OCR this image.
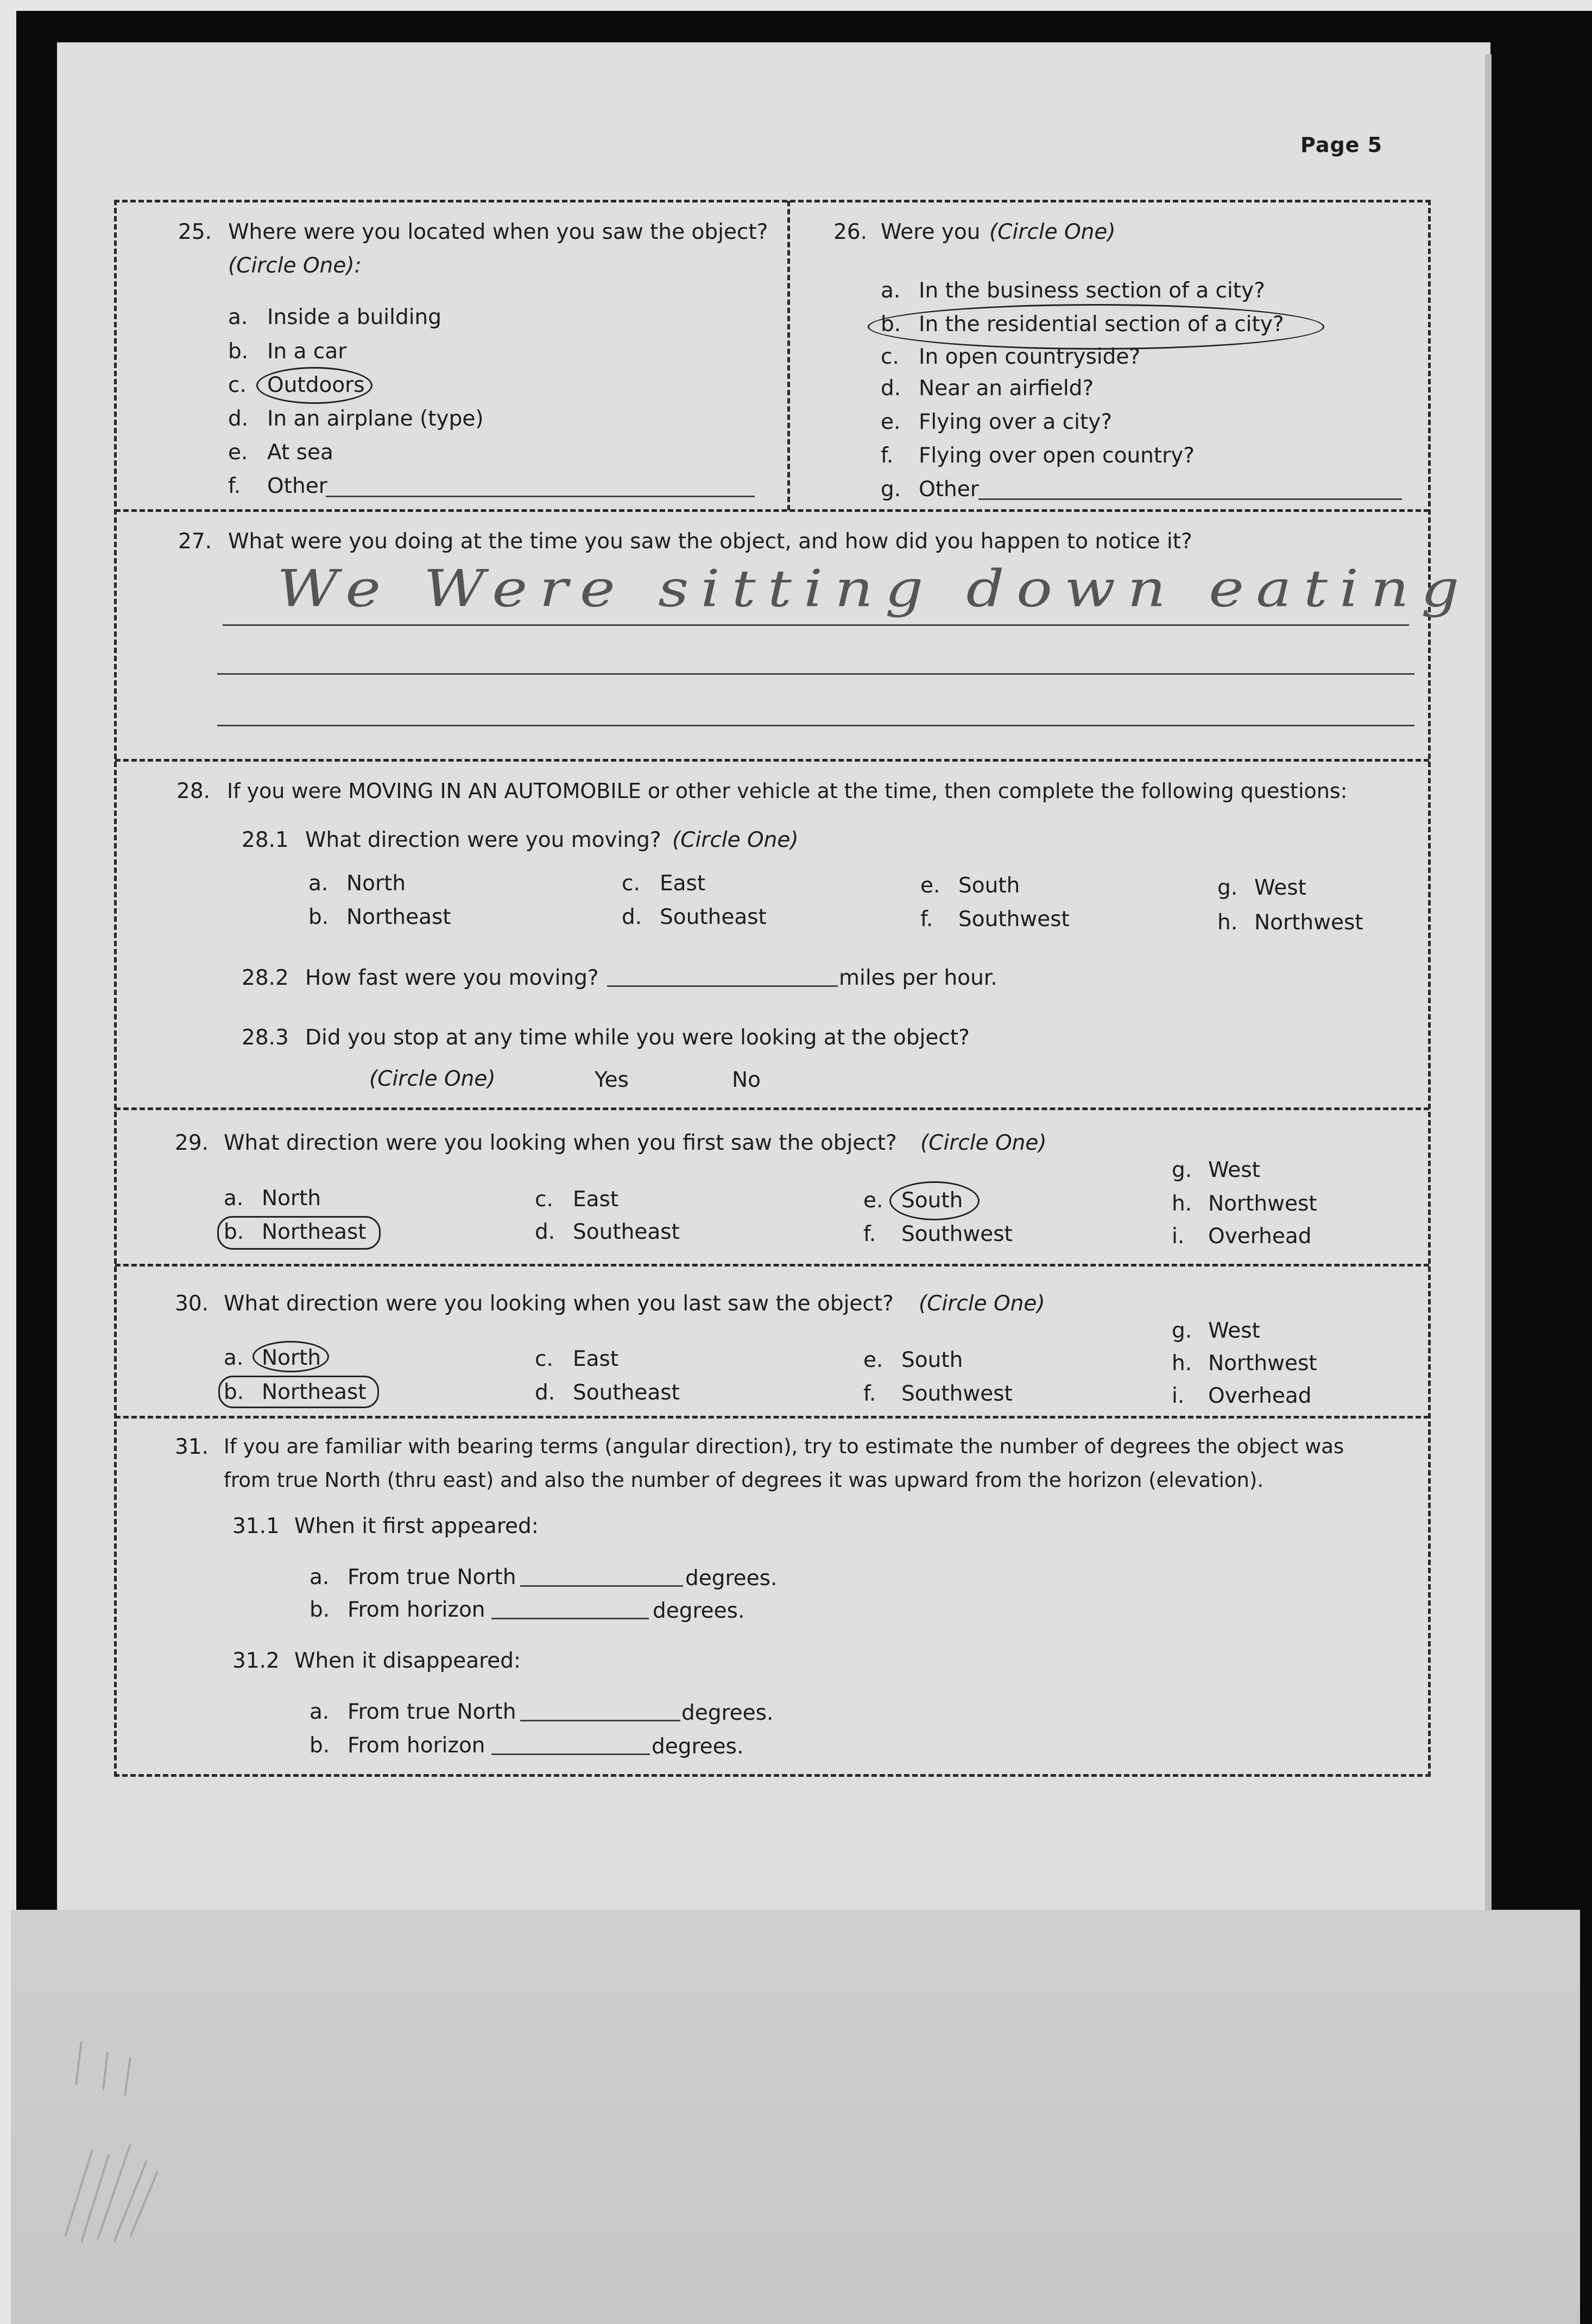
Page 5
25. Where were you located when you saw the object?
(Circle One):
a. Inside a building
b. In a car
c. Outdoors
d. In an airplane (type)
e. At sea
f. Other
26. Were you (Circle One)
a. In the business section of a city?
b. In the residential section of a city?
c. In open countryside?
d. Near an airfield?
e. Flying over a city?
f. Flying over open country?
g. Other
27. What were you doing at the time you saw the object, and how did you happen to notice it?
We Were sitting down eating
28. If you were MOVING IN AN AUTOMOBILE or other vehicle at the time, then complete the following questions:
28.1 What direction were you moving? (Circle One)
a. North
b. Northeast
c. East
d. Southeast
e. South
f. Southwest
g. West
h. Northwest
28.2 How fast were you moving?	miles per hour.
28.3 Did you stop at any time while you were looking at the object?
(Circle One)	Yes	No
29. What direction were you looking when you first saw the object? (Circle One)
a. North
b. Northeast
c. East
d. Southeast
e. South
f. Southwest
g. West
h. Northwest
i. Overhead
30. What direction were you looking when you last saw the object? (Circle One)
a. North
b. Northeast
c. East
d. Southeast
e. South
f. Southwest
g. West
h. Northwest
i. Overhead
31. If you are familiar with bearing terms (angular direction), try to estimate the number of degrees the object was
from true North (thru east) and also the number of degrees it was upward from the horizon (elevation).
31.1 When it first appeared:
a. From true North	degrees.
b. From horizon	degrees.
31.2 When it disappeared:
a. From true North	degrees.
b. From horizon	degrees.
